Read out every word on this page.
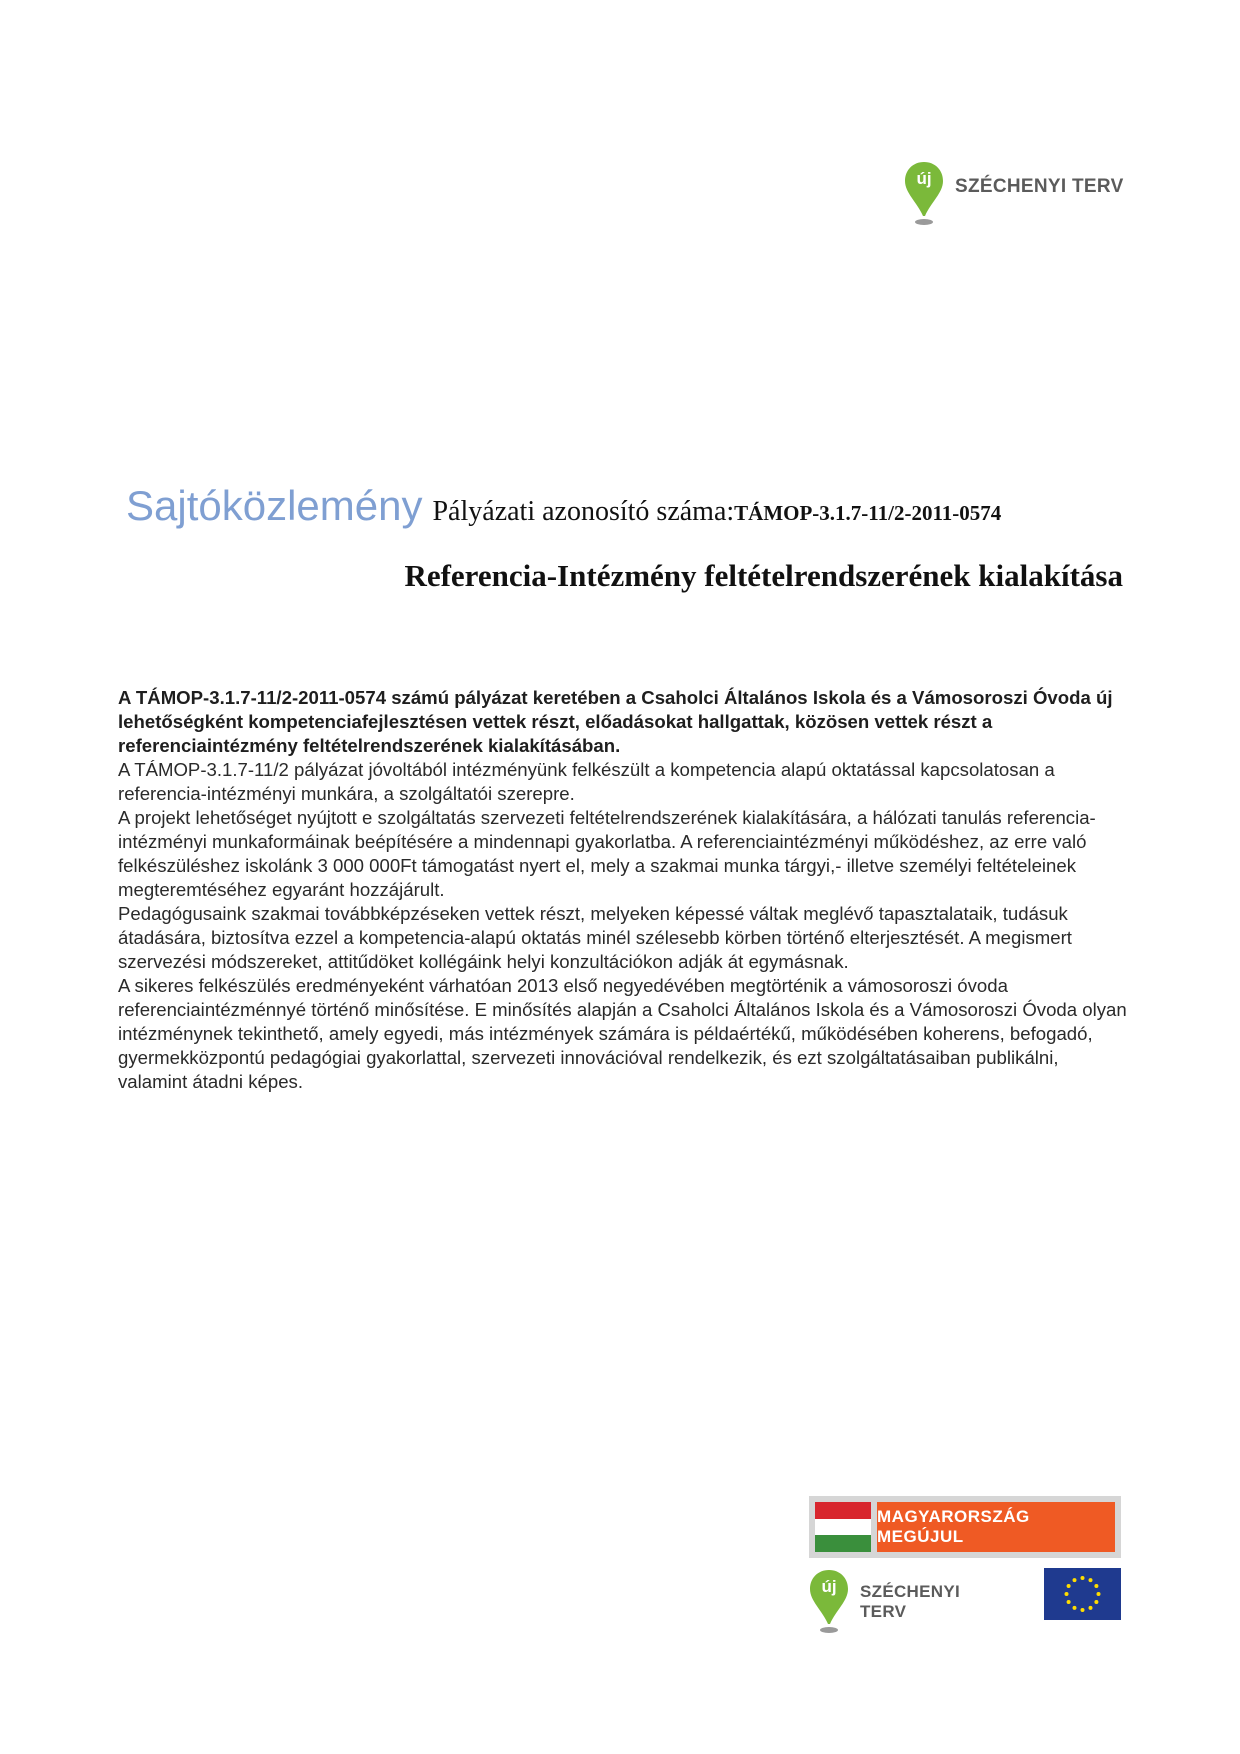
új	SZÉCHENYI TERV
Sajtóközlemény Pályázati azonosító száma:TÁMOP-3.1.7-11/2-2011-0574
Referencia-Intézmény feltételrendszerének kialakítása

A TÁMOP-3.1.7-11/2-2011-0574 számú pályázat keretében a Csaholci Általános Iskola és a Vámosoroszi Óvoda új lehetőségként kompetenciafejlesztésen vettek részt, előadásokat hallgattak, közösen vettek részt a referenciaintézmény feltételrendszerének kialakításában.

A TÁMOP-3.1.7-11/2 pályázat jóvoltából intézményünk felkészült a kompetencia alapú oktatással kapcsolatosan a referencia-intézményi munkára, a szolgáltatói szerepre.

A projekt lehetőséget nyújtott e szolgáltatás szervezeti feltételrendszerének kialakítására, a hálózati tanulás referencia-intézményi munkaformáinak beépítésére a mindennapi gyakorlatba. A referenciaintézményi működéshez, az erre való felkészüléshez iskolánk 3 000 000Ft támogatást nyert el, mely a szakmai munka tárgyi,- illetve személyi feltételeinek megteremtéséhez egyaránt hozzájárult.

Pedagógusaink szakmai továbbképzéseken vettek részt, melyeken képessé váltak meglévő tapasztalataik, tudásuk átadására, biztosítva ezzel a kompetencia-alapú oktatás minél szélesebb körben történő elterjesztését. A megismert szervezési módszereket, attitűdöket kollégáink helyi konzultációkon adják át egymásnak.

A sikeres felkészülés eredményeként várhatóan 2013 első negyedévében megtörténik a vámosoroszi óvoda referenciaintézménnyé történő minősítése. E minősítés alapján a Csaholci Általános Iskola és a Vámosoroszi Óvoda olyan intézménynek tekinthető, amely egyedi, más intézmények számára is példaértékű, működésében koherens, befogadó, gyermekközpontú pedagógiai gyakorlattal, szervezeti innovációval rendelkezik, és ezt szolgáltatásaiban publikálni, valamint átadni képes.

MAGYARORSZÁG MEGÚJUL
új	SZÉCHENYI TERV
